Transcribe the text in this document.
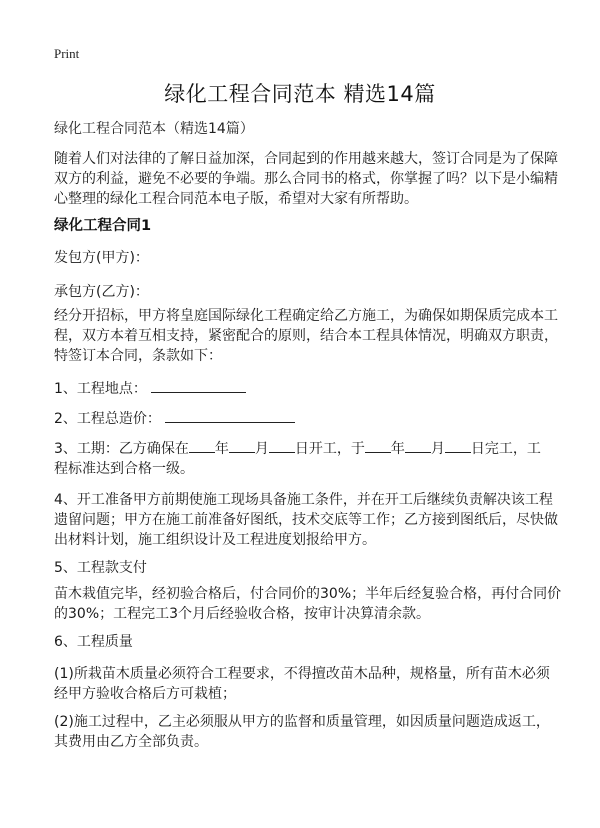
Print
绿化工程合同范本 精选14篇
绿化工程合同范本（精选14篇）
随着人们对法律的了解日益加深，合同起到的作用越来越大，签订合同是为了保障
双方的利益，避免不必要的争端。那么合同书的格式，你掌握了吗？以下是小编精
心整理的绿化工程合同范本电子版，希望对大家有所帮助。
绿化工程合同1
发包方(甲方)：
承包方(乙方)：
经分开招标，甲方将皇庭国际绿化工程确定给乙方施工，为确保如期保质完成本工
程，双方本着互相支持，紧密配合的原则，结合本工程具体情况，明确双方职责，
特签订本合同，条款如下：
1、工程地点：
2、工程总造价：
3、工期：乙方确保在 年 月 日开工，于 年 月 日完工，工
程标准达到合格一级。
4、开工准备甲方前期使施工现场具备施工条件，并在开工后继续负责解决该工程
遗留问题；甲方在施工前准备好图纸，技术交底等工作；乙方接到图纸后，尽快做
出材料计划，施工组织设计及工程进度划报给甲方。
5、工程款支付
苗木栽值完毕，经初验合格后，付合同价的30%；半年后经复验合格，再付合同价
的30%；工程完工3个月后经验收合格，按审计决算清余款。
6、工程质量
(1)所栽苗木质量必须符合工程要求，不得擅改苗木品种，规格量，所有苗木必须
经甲方验收合格后方可栽植；
(2)施工过程中，乙主必须服从甲方的监督和质量管理，如因质量问题造成返工，
其费用由乙方全部负责。
